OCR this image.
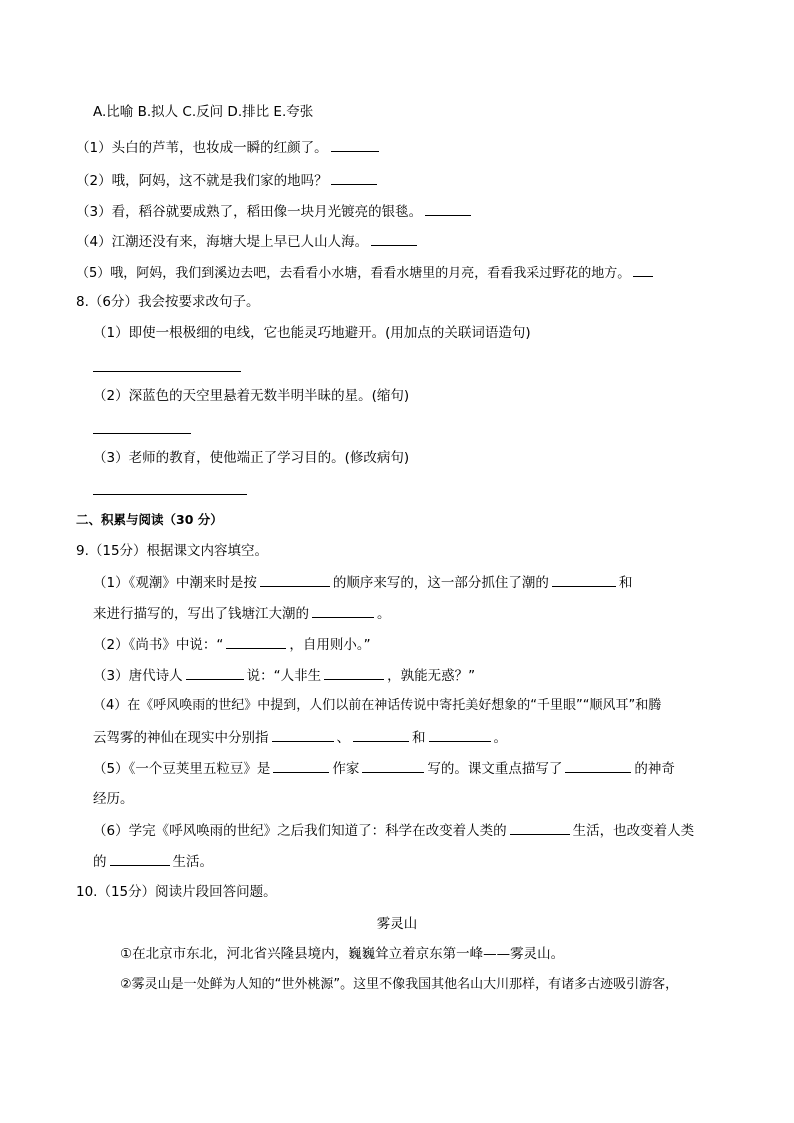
A.比喻 B.拟人 C.反问 D.排比 E.夸张
（1）头白的芦苇，也妆成一瞬的红颜了。
（2）哦，阿妈，这不就是我们家的地吗？
（3）看，稻谷就要成熟了，稻田像一块月光镀亮的银毯。
（4）江潮还没有来，海塘大堤上早已人山人海。
（5）哦，阿妈，我们到溪边去吧，去看看小水塘，看看水塘里的月亮，看看我采过野花的地方。
8.（6分）我会按要求改句子。
（1）即使一根极细的电线，它也能灵巧地避开。(用加点的关联词语造句)
（2）深蓝色的天空里悬着无数半明半昧的星。(缩句)
（3）老师的教育，使他端正了学习目的。(修改病句)
二、积累与阅读（30 分）
9.（15分）根据课文内容填空。
（1）《观潮》中潮来时是按	的顺序来写的，这一部分抓住了潮的	和
来进行描写的，写出了钱塘江大潮的	。
（2）《尚书》中说：“	，自用则小。”
（3）唐代诗人	说：“人非生	，孰能无惑？”
（4）在《呼风唤雨的世纪》中提到，人们以前在神话传说中寄托美好想象的“千里眼”“顺风耳”和腾
云驾雾的神仙在现实中分别指	、	和	。
（5）《一个豆荚里五粒豆》是	作家	写的。课文重点描写了	的神奇
经历。
（6）学完《呼风唤雨的世纪》之后我们知道了：科学在改变着人类的	生活，也改变着人类
的	生活。
10.（15分）阅读片段回答问题。
雾灵山
①在北京市东北，河北省兴隆县境内，巍巍耸立着京东第一峰——雾灵山。
②雾灵山是一处鲜为人知的“世外桃源”。这里不像我国其他名山大川那样，有诸多古迹吸引游客，
